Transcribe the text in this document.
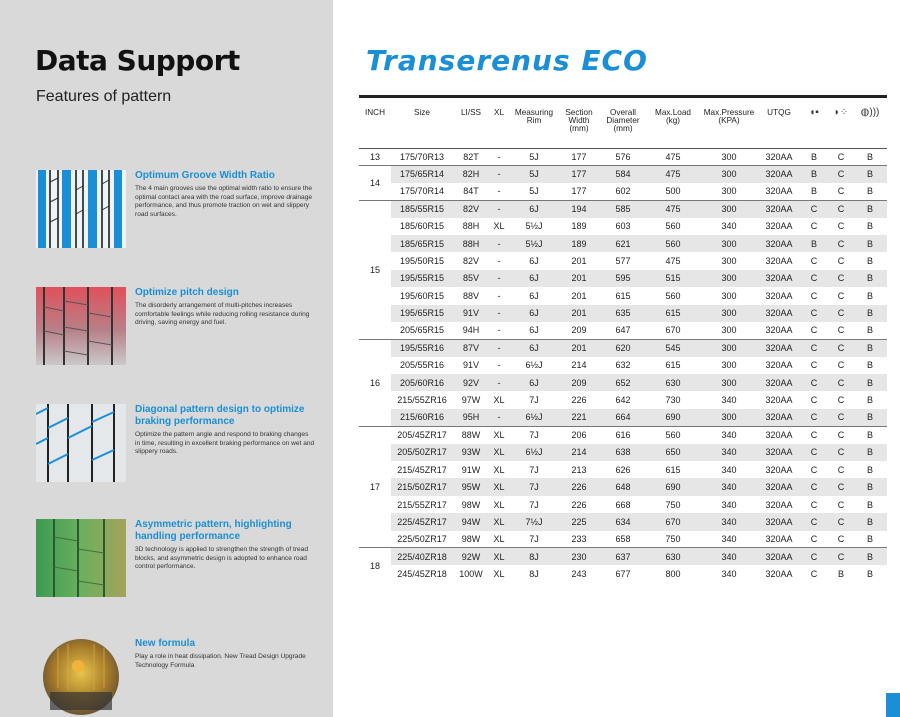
Data Support
Features of pattern
Optimum Groove Width Ratio

The 4 main grooves use the optimal width ratio to ensure the optimal contact area with the road surface, improve drainage performance, and thus promote traction on wet and slippery road surfaces.

Optimize pitch design

The disorderly arrangement of multi-pitches increases comfortable feelings while reducing rolling resistance during driving, saving energy and fuel.

Diagonal pattern design to optimize braking performance

Optimize the pattern angle and respond to braking changes in time, resulting in excellent braking performance on wet and slippery roads.

Asymmetric pattern, highlighting handling performance

3D technology is applied to strengthen the strength of tread blocks, and asymmetric design is adopted to enhance road control performance.

New formula

Play a role in heat dissipation. New Tread Design Upgrade Technology Formula

Transerenus ECO
INCH	Size	LI/SS	XL	Measuring Rim	Section Width (mm)	Overall Diameter (mm)	Max.Load (kg)	Max.Pressure (KPA)	UTQG	◖▪	◗⁘	◍)))
13	175/70R13	82T	-	5J	177	576	475	300	320AA	B	C	B
14	175/65R14	82H	-	5J	177	584	475	300	320AA	B	C	B
	175/70R14	84T	-	5J	177	602	500	300	320AA	B	C	B
15	185/55R15	82V	-	6J	194	585	475	300	320AA	C	C	B
	185/60R15	88H	XL	5½J	189	603	560	340	320AA	C	C	B
	185/65R15	88H	-	5½J	189	621	560	300	320AA	B	C	B
	195/50R15	82V	-	6J	201	577	475	300	320AA	C	C	B
	195/55R15	85V	-	6J	201	595	515	300	320AA	C	C	B
	195/60R15	88V	-	6J	201	615	560	300	320AA	C	C	B
	195/65R15	91V	-	6J	201	635	615	300	320AA	C	C	B
	205/65R15	94H	-	6J	209	647	670	300	320AA	C	C	B
16	195/55R16	87V	-	6J	201	620	545	300	320AA	C	C	B
	205/55R16	91V	-	6½J	214	632	615	300	320AA	C	C	B
	205/60R16	92V	-	6J	209	652	630	300	320AA	C	C	B
	215/55ZR16	97W	XL	7J	226	642	730	340	320AA	C	C	B
	215/60R16	95H	-	6½J	221	664	690	300	320AA	C	C	B
17	205/45ZR17	88W	XL	7J	206	616	560	340	320AA	C	C	B
	205/50ZR17	93W	XL	6½J	214	638	650	340	320AA	C	C	B
	215/45ZR17	91W	XL	7J	213	626	615	340	320AA	C	C	B
	215/50ZR17	95W	XL	7J	226	648	690	340	320AA	C	C	B
	215/55ZR17	98W	XL	7J	226	668	750	340	320AA	C	C	B
	225/45ZR17	94W	XL	7½J	225	634	670	340	320AA	C	C	B
	225/50ZR17	98W	XL	7J	233	658	750	340	320AA	C	C	B
18	225/40ZR18	92W	XL	8J	230	637	630	340	320AA	C	C	B
	245/45ZR18	100W	XL	8J	243	677	800	340	320AA	C	B	B
